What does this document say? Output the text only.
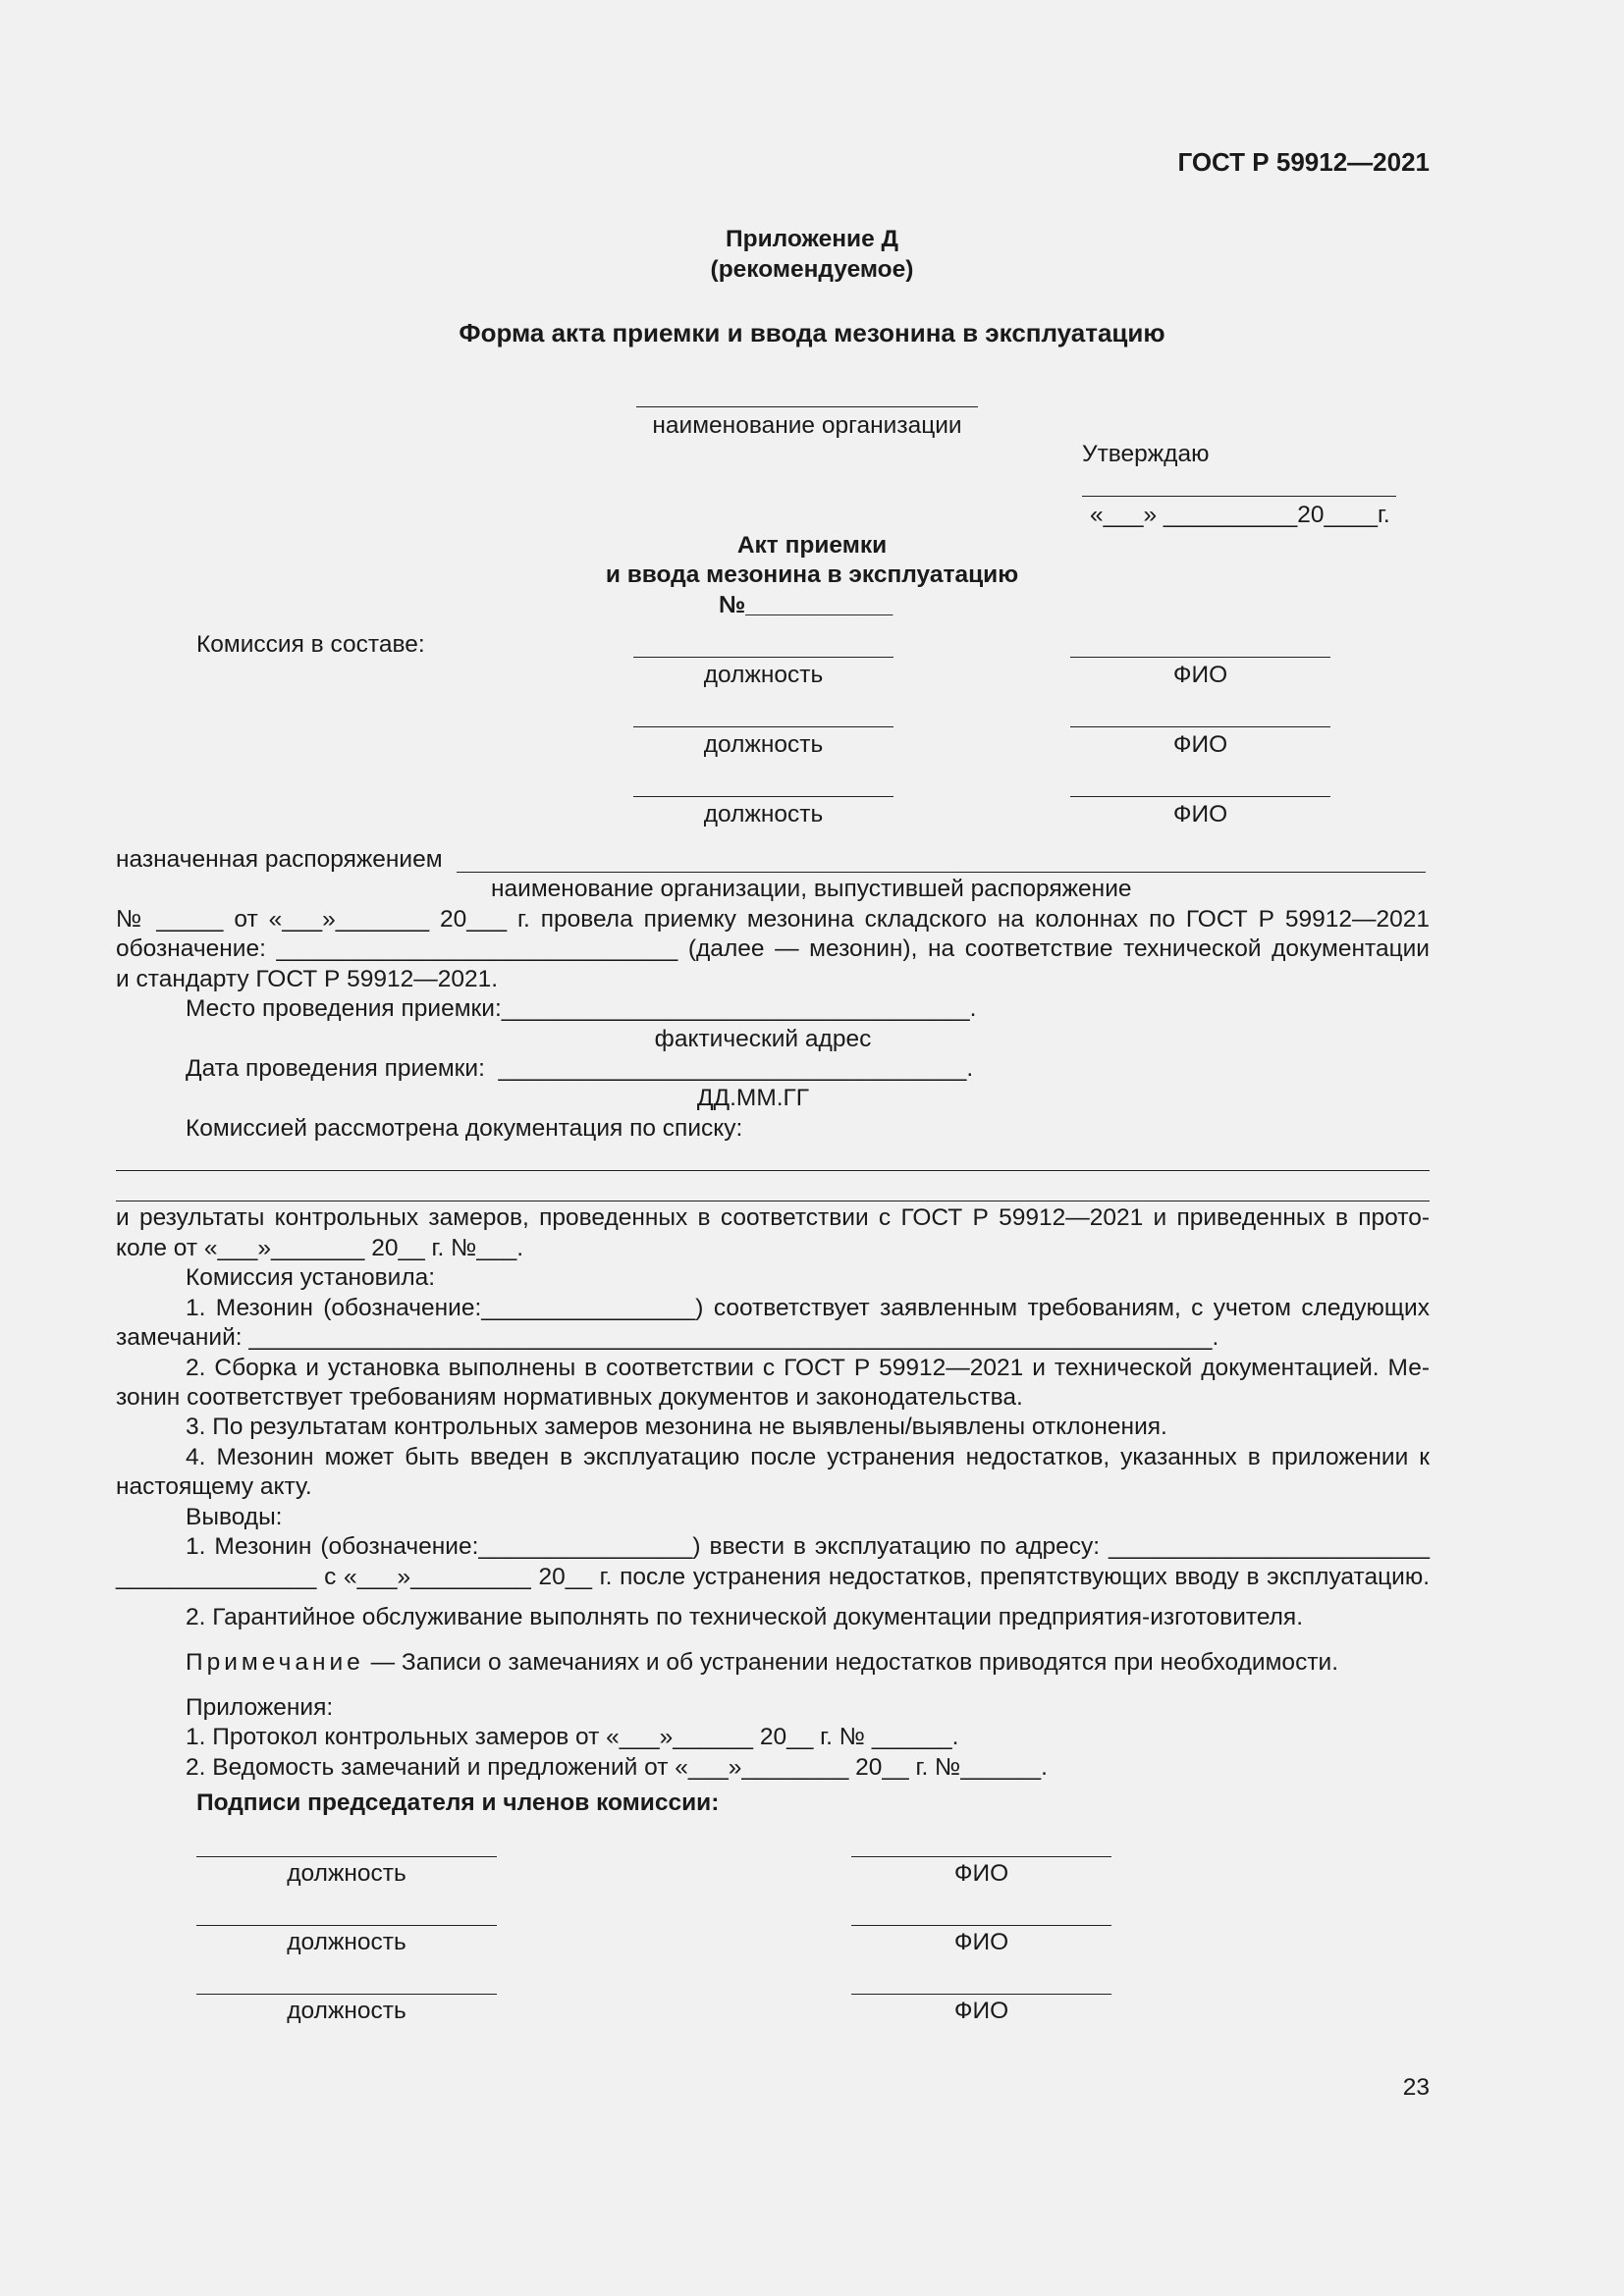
ГОСТ Р 59912—2021
Приложение Д
(рекомендуемое)
Форма акта приемки и ввода мезонина в эксплуатацию
наименование организации
Утверждаю
«___» __________20____г.
Акт приемки
и ввода мезонина в эксплуатацию
№___________
Комиссия в составе:
должность	ФИО
должность	ФИО
должность	ФИО
назначенная распоряжением
наименование организации, выпустившей распоряжение
№ _____ от «___»_______ 20___ г. провела приемку мезонина складского на колоннах по ГОСТ Р 59912—2021
обозначение: ______________________________ (далее — мезонин), на соответствие технической документации
и стандарту ГОСТ Р 59912—2021.
Место проведения приемки:___________________________________.
фактический адрес
Дата проведения приемки:  ___________________________________.
ДД.ММ.ГГ
Комиссией рассмотрена документация по списку:
и результаты контрольных замеров, проведенных в соответствии с ГОСТ Р 59912—2021 и приведенных в прото-
коле от «___»_______ 20__ г. №___.
Комиссия установила:
1. Мезонин (обозначение:________________) соответствует заявленным требованиям, с учетом следующих
замечаний: ________________________________________________________________________.
2. Сборка и установка выполнены в соответствии с ГОСТ Р 59912—2021 и технической документацией. Ме-
зонин соответствует требованиям нормативных документов и законодательства.
3. По результатам контрольных замеров мезонина не выявлены/выявлены отклонения.
4. Мезонин может быть введен в эксплуатацию после устранения недостатков, указанных в приложении к
настоящему акту.
Выводы:
1. Мезонин (обозначение:________________) ввести в эксплуатацию по адресу: ________________________
_______________ с «___»_________ 20__ г. после устранения недостатков, препятствующих вводу в эксплуатацию.
2. Гарантийное обслуживание выполнять по технической документации предприятия-изготовителя.
Примечание — Записи о замечаниях и об устранении недостатков приводятся при необходимости.
Приложения:
1. Протокол контрольных замеров от «___»______ 20__ г. № ______.
2. Ведомость замечаний и предложений от «___»________ 20__ г. №______.
Подписи председателя и членов комиссии:
должность	ФИО
должность	ФИО
должность	ФИО
23
